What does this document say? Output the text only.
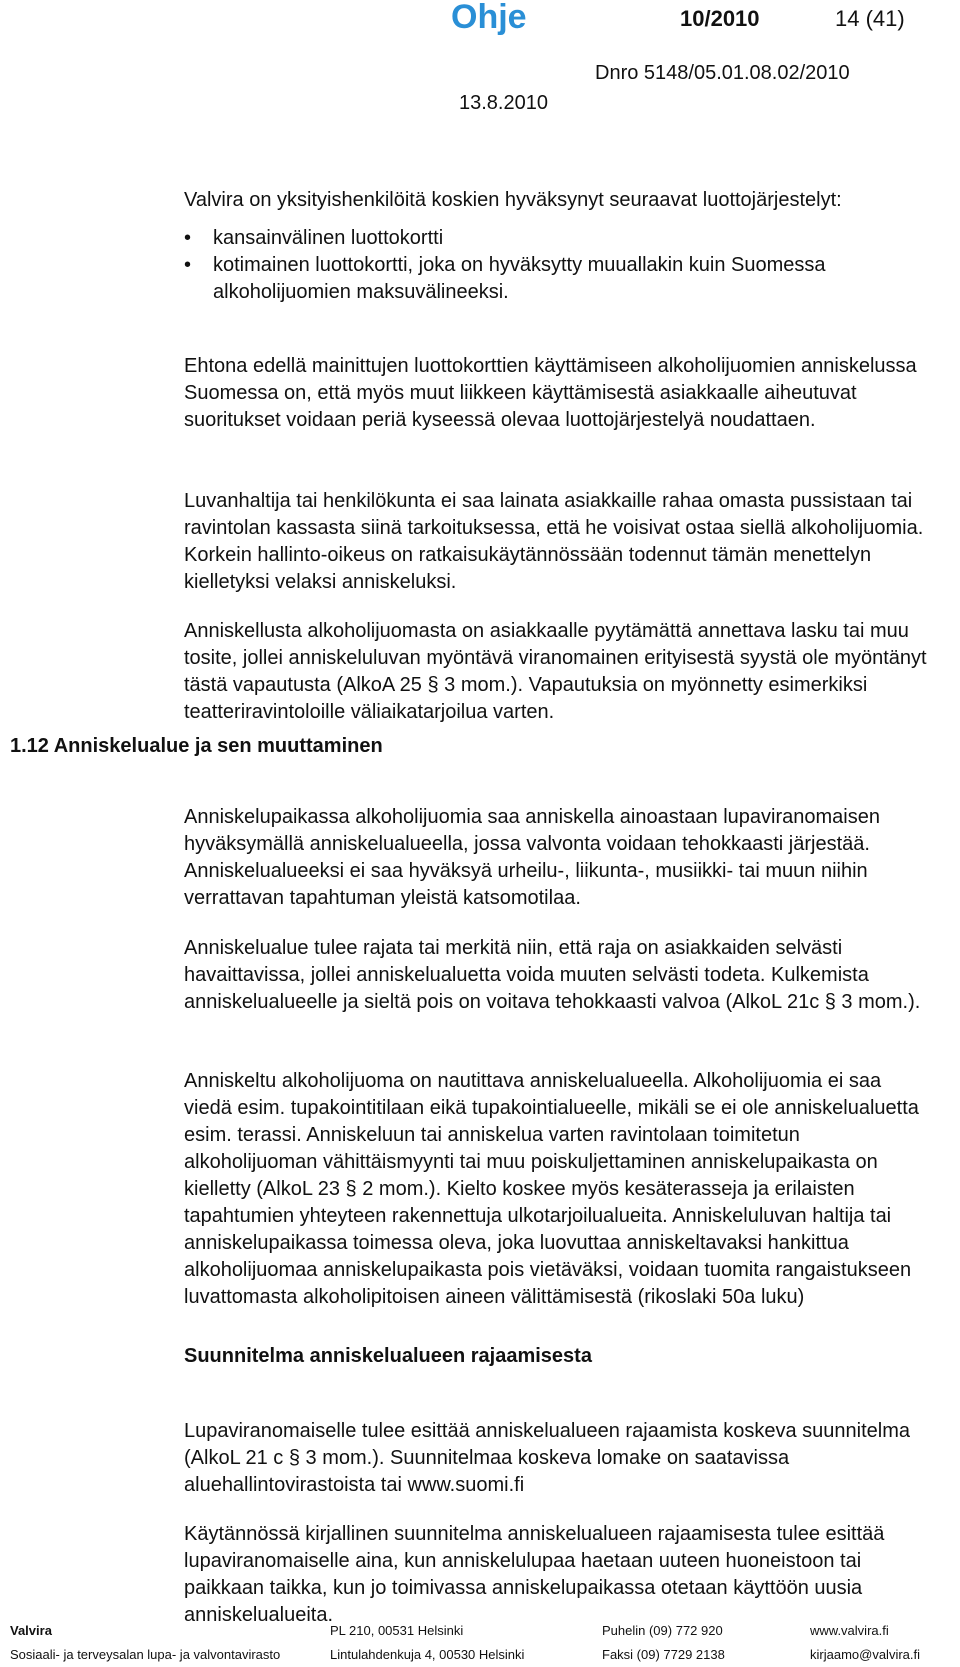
Ohje	10/2010	14 (41)
Dnro 5148/05.01.08.02/2010
13.8.2010

Valvira on yksityishenkilöitä koskien hyväksynyt seuraavat luottojärjestelyt:

• kansainvälinen luottokortti
• kotimainen luottokortti, joka on hyväksytty muuallakin kuin Suomessa alkoholijuomien maksuvälineeksi.

Ehtona edellä mainittujen luottokorttien käyttämiseen alkoholijuomien anniskelussa Suomessa on, että myös muut liikkeen käyttämisestä asiakkaalle aiheutuvat suoritukset voidaan periä kyseessä olevaa luottojärjestelyä noudattaen.

Luvanhaltija tai henkilökunta ei saa lainata asiakkaille rahaa omasta pussistaan tai ravintolan kassasta siinä tarkoituksessa, että he voisivat ostaa siellä alkoholijuomia. Korkein hallinto-oikeus on ratkaisukäytännössään todennut tämän menettelyn kielletyksi velaksi anniskeluksi.

Anniskellusta alkoholijuomasta on asiakkaalle pyytämättä annettava lasku tai muu tosite, jollei anniskeluluvan myöntävä viranomainen erityisestä syystä ole myöntänyt tästä vapautusta (AlkoA 25 § 3 mom.). Vapautuksia on myönnetty esimerkiksi teatteriravintoloille väliaikatarjoilua varten.

1.12 Anniskelualue ja sen muuttaminen

Anniskelupaikassa alkoholijuomia saa anniskella ainoastaan lupaviranomaisen hyväksymällä anniskelualueella, jossa valvonta voidaan tehokkaasti järjestää. Anniskelualueeksi ei saa hyväksyä urheilu-, liikunta-, musiikki- tai muun niihin verrattavan tapahtuman yleistä katsomotilaa.

Anniskelualue tulee rajata tai merkitä niin, että raja on asiakkaiden selvästi havaittavissa, jollei anniskelualuetta voida muuten selvästi todeta. Kulkemista anniskelualueelle ja sieltä pois on voitava tehokkaasti valvoa (AlkoL 21c § 3 mom.).

Anniskeltu alkoholijuoma on nautittava anniskelualueella. Alkoholijuomia ei saa viedä esim. tupakointitilaan eikä tupakointialueelle, mikäli se ei ole anniskelualuetta esim. terassi. Anniskeluun tai anniskelua varten ravintolaan toimitetun alkoholijuoman vähittäismyynti tai muu poiskuljettaminen anniskelupaikasta on kielletty (AlkoL 23 § 2 mom.). Kielto koskee myös kesäterasseja ja erilaisten tapahtumien yhteyteen rakennettuja ulkotarjoilualueita. Anniskeluluvan haltija tai anniskelupaikassa toimessa oleva, joka luovuttaa anniskeltavaksi hankittua alkoholijuomaa anniskelupaikasta pois vietäväksi, voidaan tuomita rangaistukseen luvattomasta alkoholipitoisen aineen välittämisestä (rikoslaki 50a luku)

Suunnitelma anniskelualueen rajaamisesta

Lupaviranomaiselle tulee esittää anniskelualueen rajaamista koskeva suunnitelma (AlkoL 21 c § 3 mom.). Suunnitelmaa koskeva lomake on saatavissa aluehallintovirastoista tai www.suomi.fi

Käytännössä kirjallinen suunnitelma anniskelualueen rajaamisesta tulee esittää lupaviranomaiselle aina, kun anniskelulupaa haetaan uuteen huoneistoon tai paikkaan taikka, kun jo toimivassa anniskelupaikassa otetaan käyttöön uusia anniskelualueita.

Valvira	PL 210, 00531 Helsinki	Puhelin (09) 772 920	www.valvira.fi
Sosiaali- ja terveysalan lupa- ja valvontavirasto	Lintulahdenkuja 4, 00530 Helsinki	Faksi (09) 7729 2138	kirjaamo@valvira.fi
